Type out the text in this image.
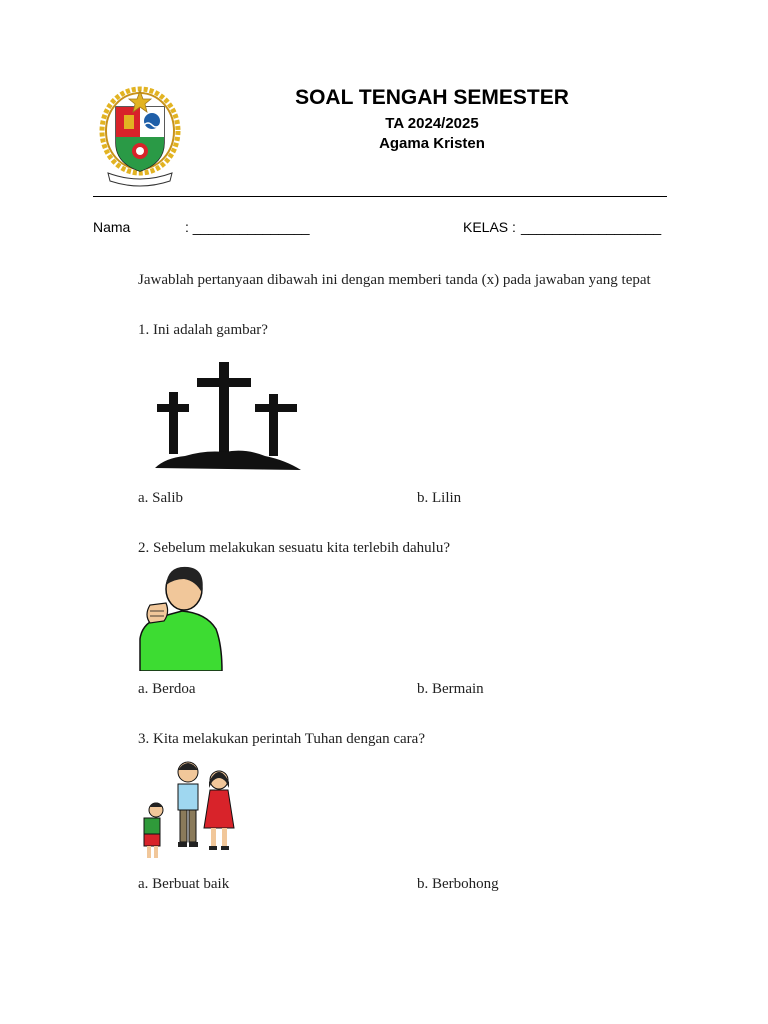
SOAL TENGAH SEMESTER
TA 2024/2025
Agama Kristen
Nama	: _______________	KELAS : __________________
Jawablah pertanyaan dibawah ini dengan memberi tanda (x) pada jawaban yang tepat
1. Ini adalah gambar?
a. Salib	b. Lilin
2. Sebelum melakukan sesuatu kita terlebih dahulu?
a. Berdoa	b. Bermain
3. Kita melakukan perintah Tuhan dengan cara?
a. Berbuat baik	b. Berbohong
